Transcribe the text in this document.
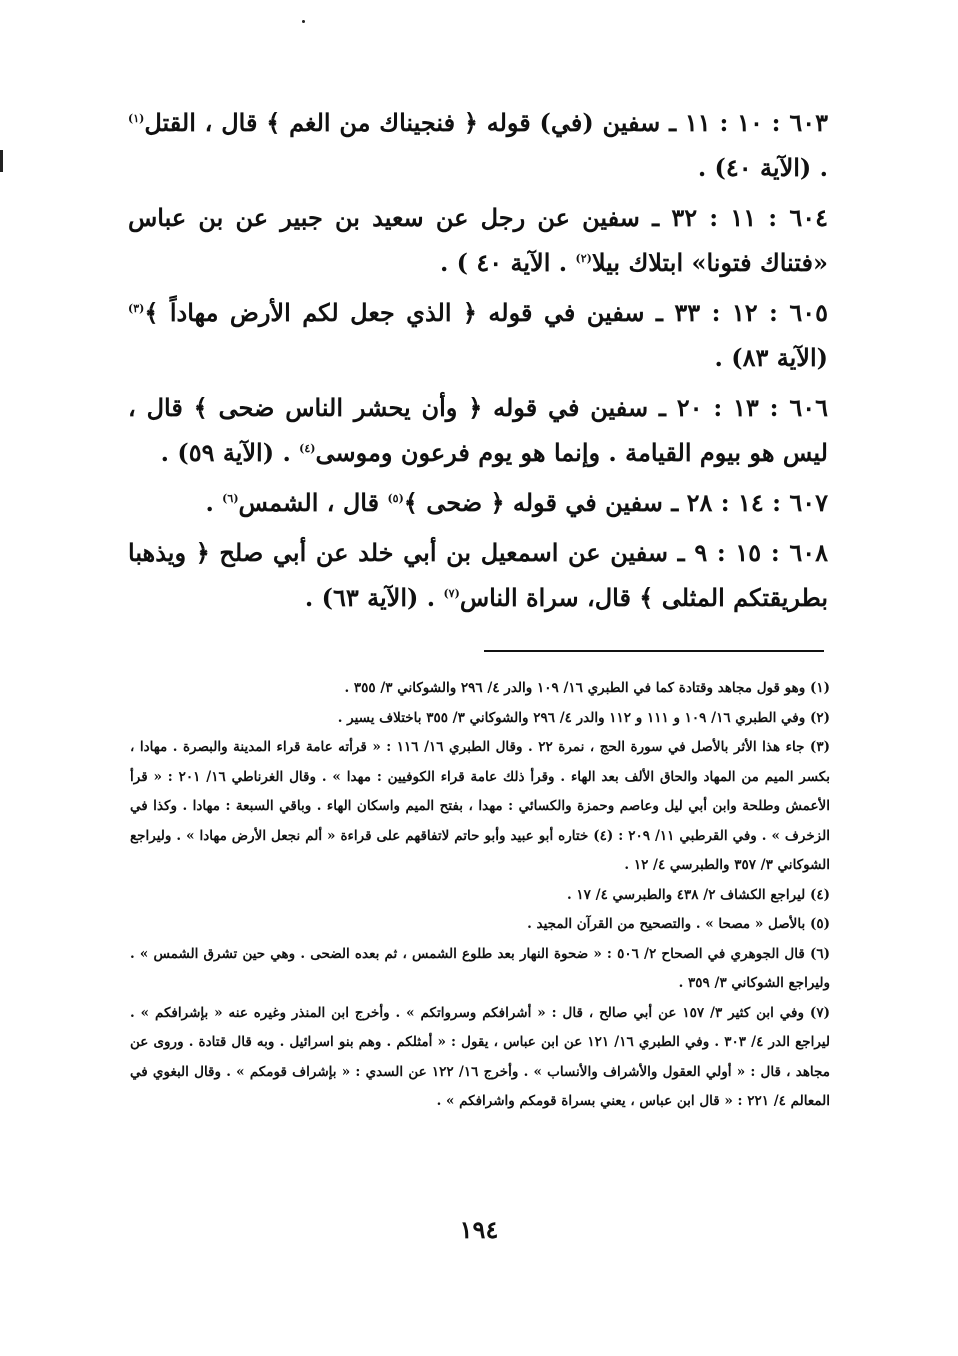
٦٠٣ : ١٠ : ١١ ـ سفين (في) قوله ﴿ فنجيناك من الغم ﴾ قال ، القتل$^{(١)}$ . (الآية ٤٠) .
٦٠٤ : ١١ : ٣٢ ـ سفين عن رجل عن سعيد بن جبير عن بن عباس «فتناك فتونا» ابتلاك بيلا$^{(٢)}$ . الآية ٤٠ ) .
٦٠٥ : ١٢ : ٣٣ ـ سفين في قوله ﴿ الذي جعل لكم الأرض مهاداً ﴾$^{(٣)}$ (الآية ٨٣) .
٦٠٦ : ١٣ : ٢٠ ـ سفين في قوله ﴿ وأن يحشر الناس ضحى ﴾ قال ، ليس هو بيوم القيامة . وإنما هو يوم فرعون وموسى$^{(٤)}$ . (الآية ٥٩) .
٦٠٧ : ١٤ : ٢٨ ـ سفين في قوله ﴿ ضحى ﴾$^{(٥)}$ قال ، الشمس$^{(٦)}$ .
٦٠٨ : ١٥ : ٩ ـ سفين عن اسمعيل بن أبي خلد عن أبي صلح ﴿ ويذهبا بطريقتكم المثلى ﴾ قال، سراة الناس$^{(٧)}$ . (الآية ٦٣) .
(١) وهو قول مجاهد وقتادة كما في الطبري ١٦/ ١٠٩ والدر ٤/ ٢٩٦ والشوكاني ٣/ ٣٥٥ .
(٢) وفي الطبري ١٦/ ١٠٩ و ١١١ و ١١٢ والدر ٤/ ٢٩٦ والشوكاني ٣/ ٣٥٥ باختلاف يسير .
(٣) جاء هذا الأثر بالأصل في سورة الحج ، نمرة ٢٢ . وقال الطبري ١٦/ ١١٦ : « قرأته عامة قراء المدينة والبصرة . مهادا ، بكسر الميم من المهاد والحاق الألف بعد الهاء . وقرأ ذلك عامة قراء الكوفيين : مهدا » . وقال الغرناطي ١٦/ ٢٠١ : « قرأ الأعمش وطلحة وابن أبي ليل وعاصم وحمزة والكسائي : مهدا ، بفتح الميم واسكان الهاء . وباقي السبعة : مهادا . وكذا في الزخرف » . وفي القرطبي ١١/ ٢٠٩ : (٤) ختاره أبو عبيد وأبو حاتم لاتفاقهم على قراءة « ألم نجعل الأرض مهادا » . وليراجع الشوكاني ٣/ ٣٥٧ والطبرسي ٤/ ١٢ .
(٤) ليراجع الكشاف ٢/ ٤٣٨ والطبرسي ٤/ ١٧ .
(٥) بالأصل « مصحا » . والتصحيح من القرآن المجيد .
(٦) قال الجوهري في الصحاح ٢/ ٥٠٦ : « ضحوة النهار بعد طلوع الشمس ، ثم بعده الضحى . وهي حين تشرق الشمس » . وليراجع الشوكاني ٣/ ٣٥٩ .
(٧) وفي ابن كثير ٣/ ١٥٧ عن أبي صالح ، قال : « أشرافكم وسرواتكم » . وأخرج ابن المنذر وغيره عنه « بإشرافكم » . ليراجع الدر ٤/ ٣٠٣ . وفي الطبري ١٦/ ١٢١ عن ابن عباس ، يقول : « أمثلكم . وهم بنو اسرائيل . وبه قال قتادة . وروى عن مجاهد ، قال : « أولي العقول والأشراف والأنساب » . وأخرج ١٦/ ١٢٢ عن السدي : « بإشراف قومكم » . وقال البغوي في المعالم ٤/ ٢٢١ : « قال ابن عباس ، يعني بسراة قومكم واشرافكم » .
١٩٤
